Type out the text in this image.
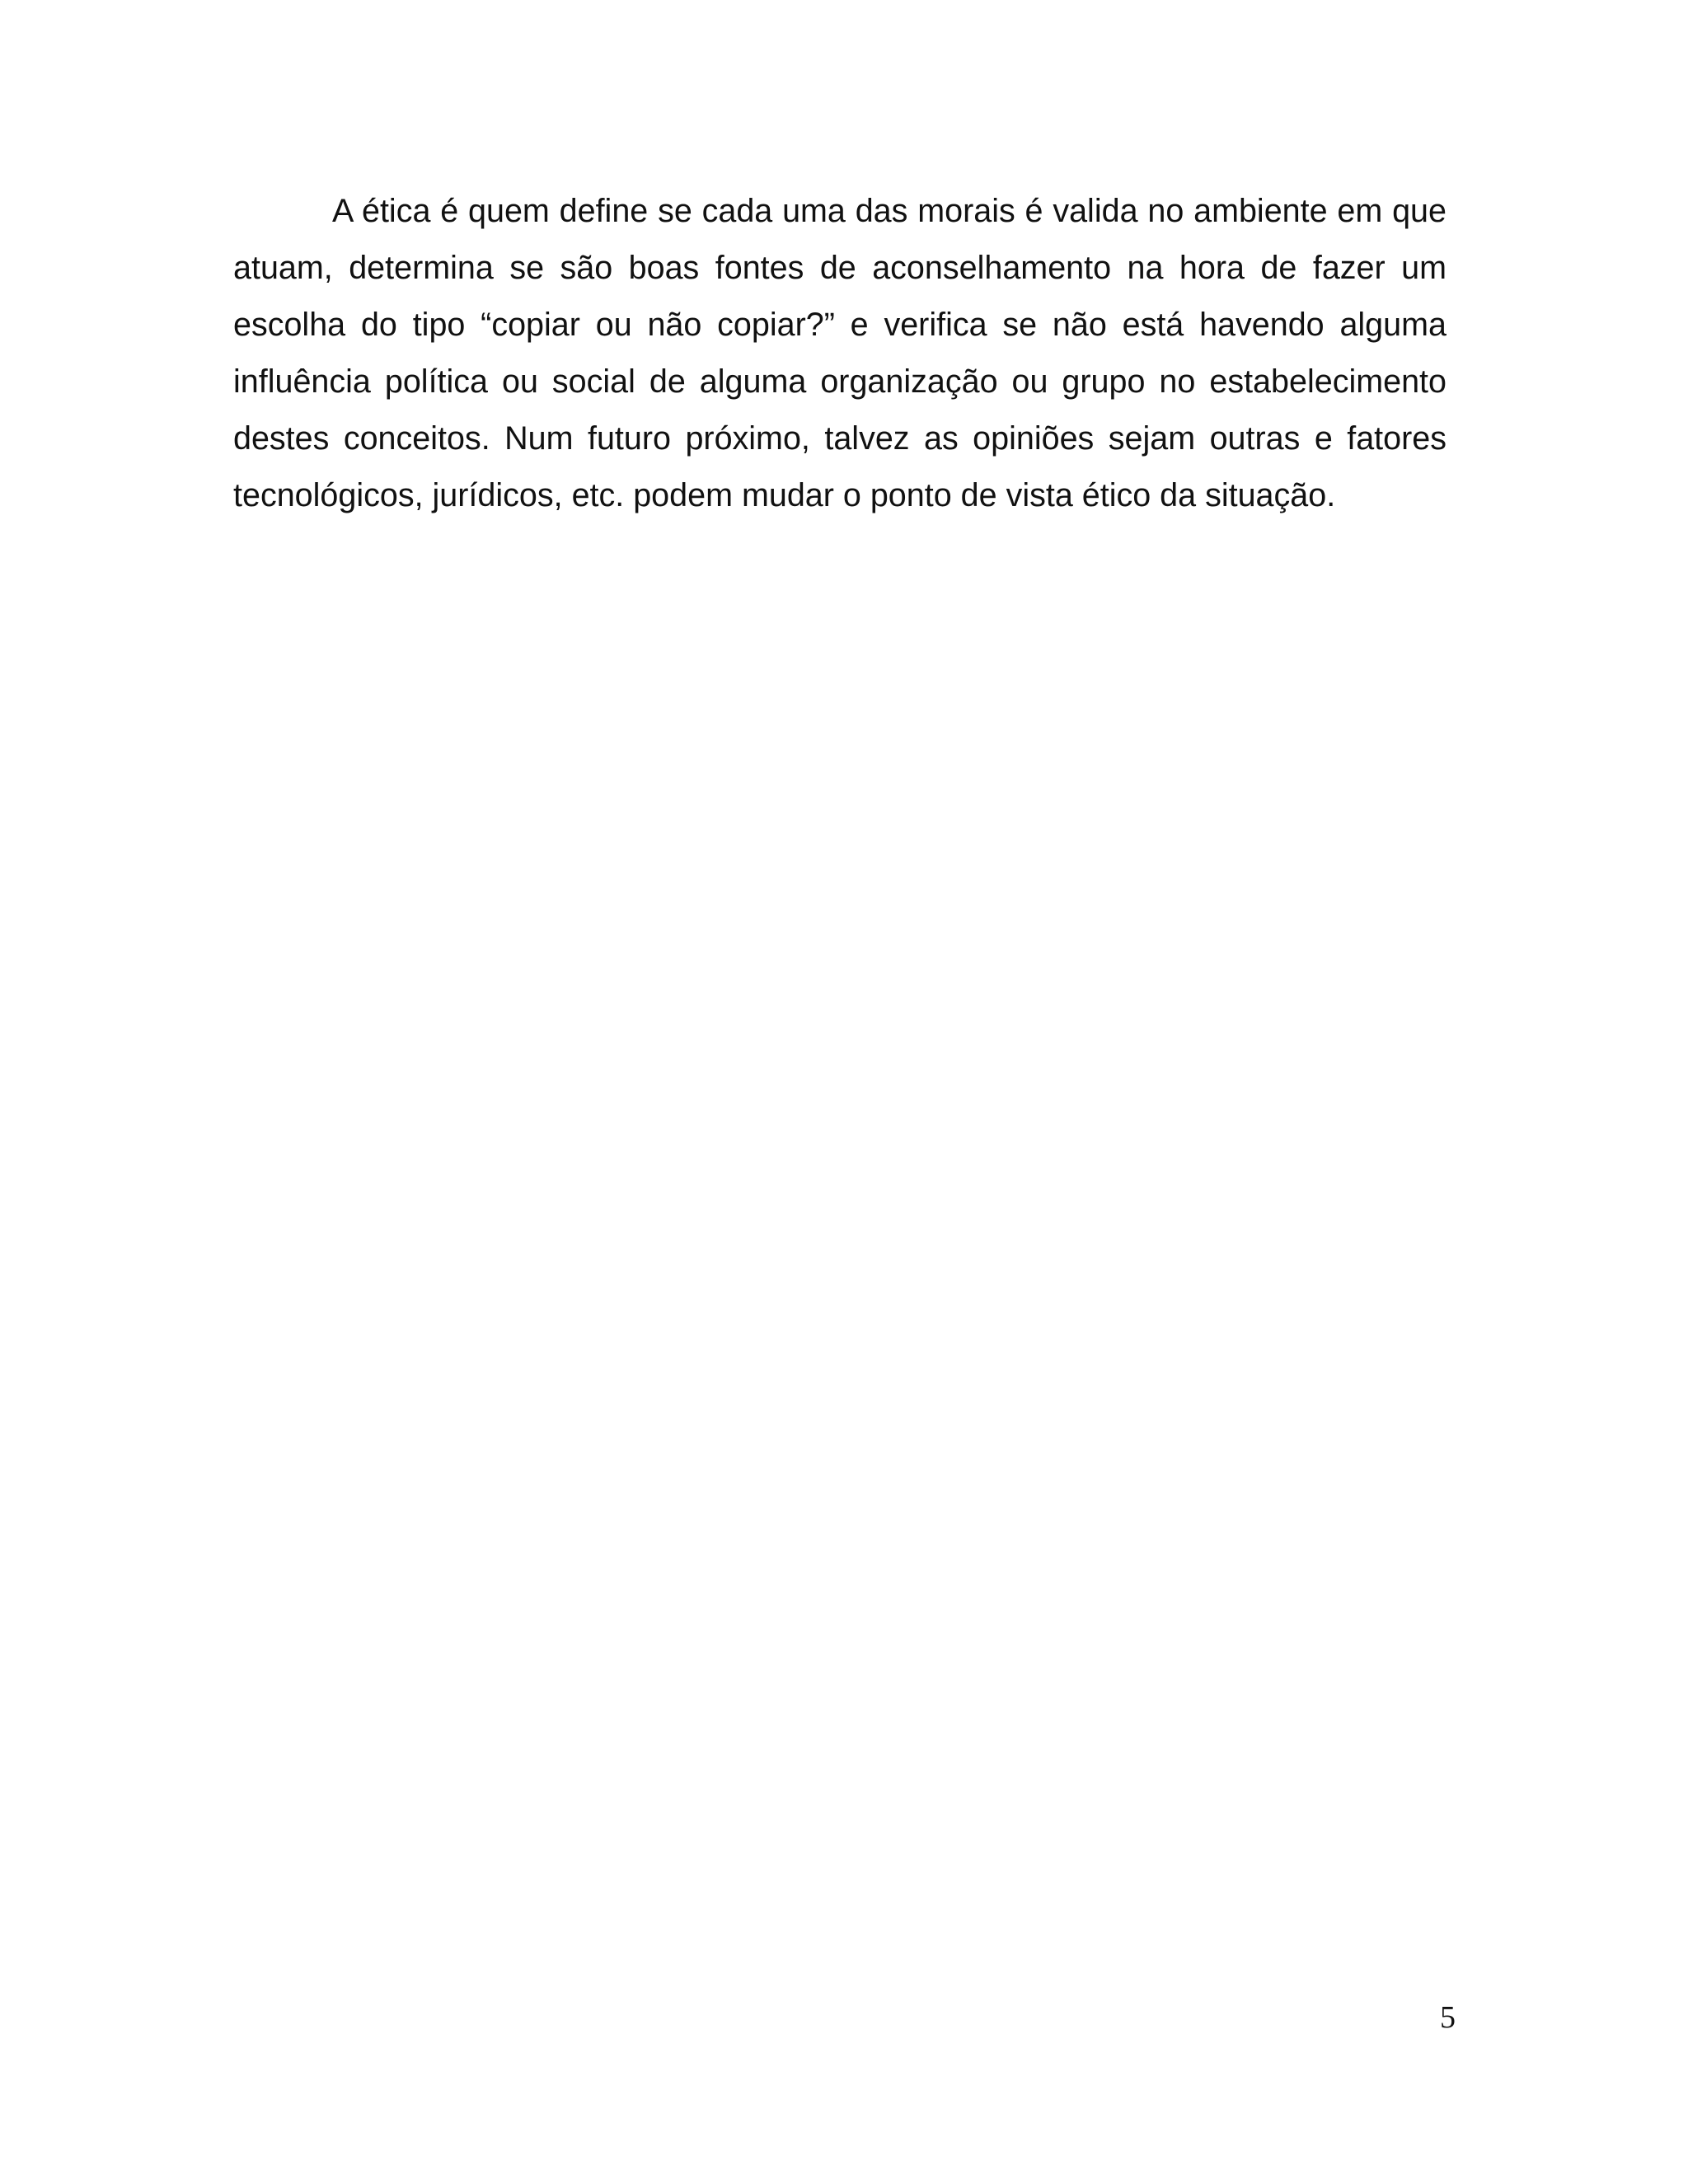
A ética é quem define se cada uma das morais é valida no ambiente em que atuam, determina se são boas fontes de aconselhamento na hora de fazer um escolha do tipo “copiar ou não copiar?” e verifica se não está havendo alguma influência política ou social de alguma organização ou grupo no estabelecimento destes conceitos. Num futuro próximo, talvez as opiniões sejam outras e fatores tecnológicos, jurídicos, etc. podem mudar o ponto de vista ético da situação.

5
